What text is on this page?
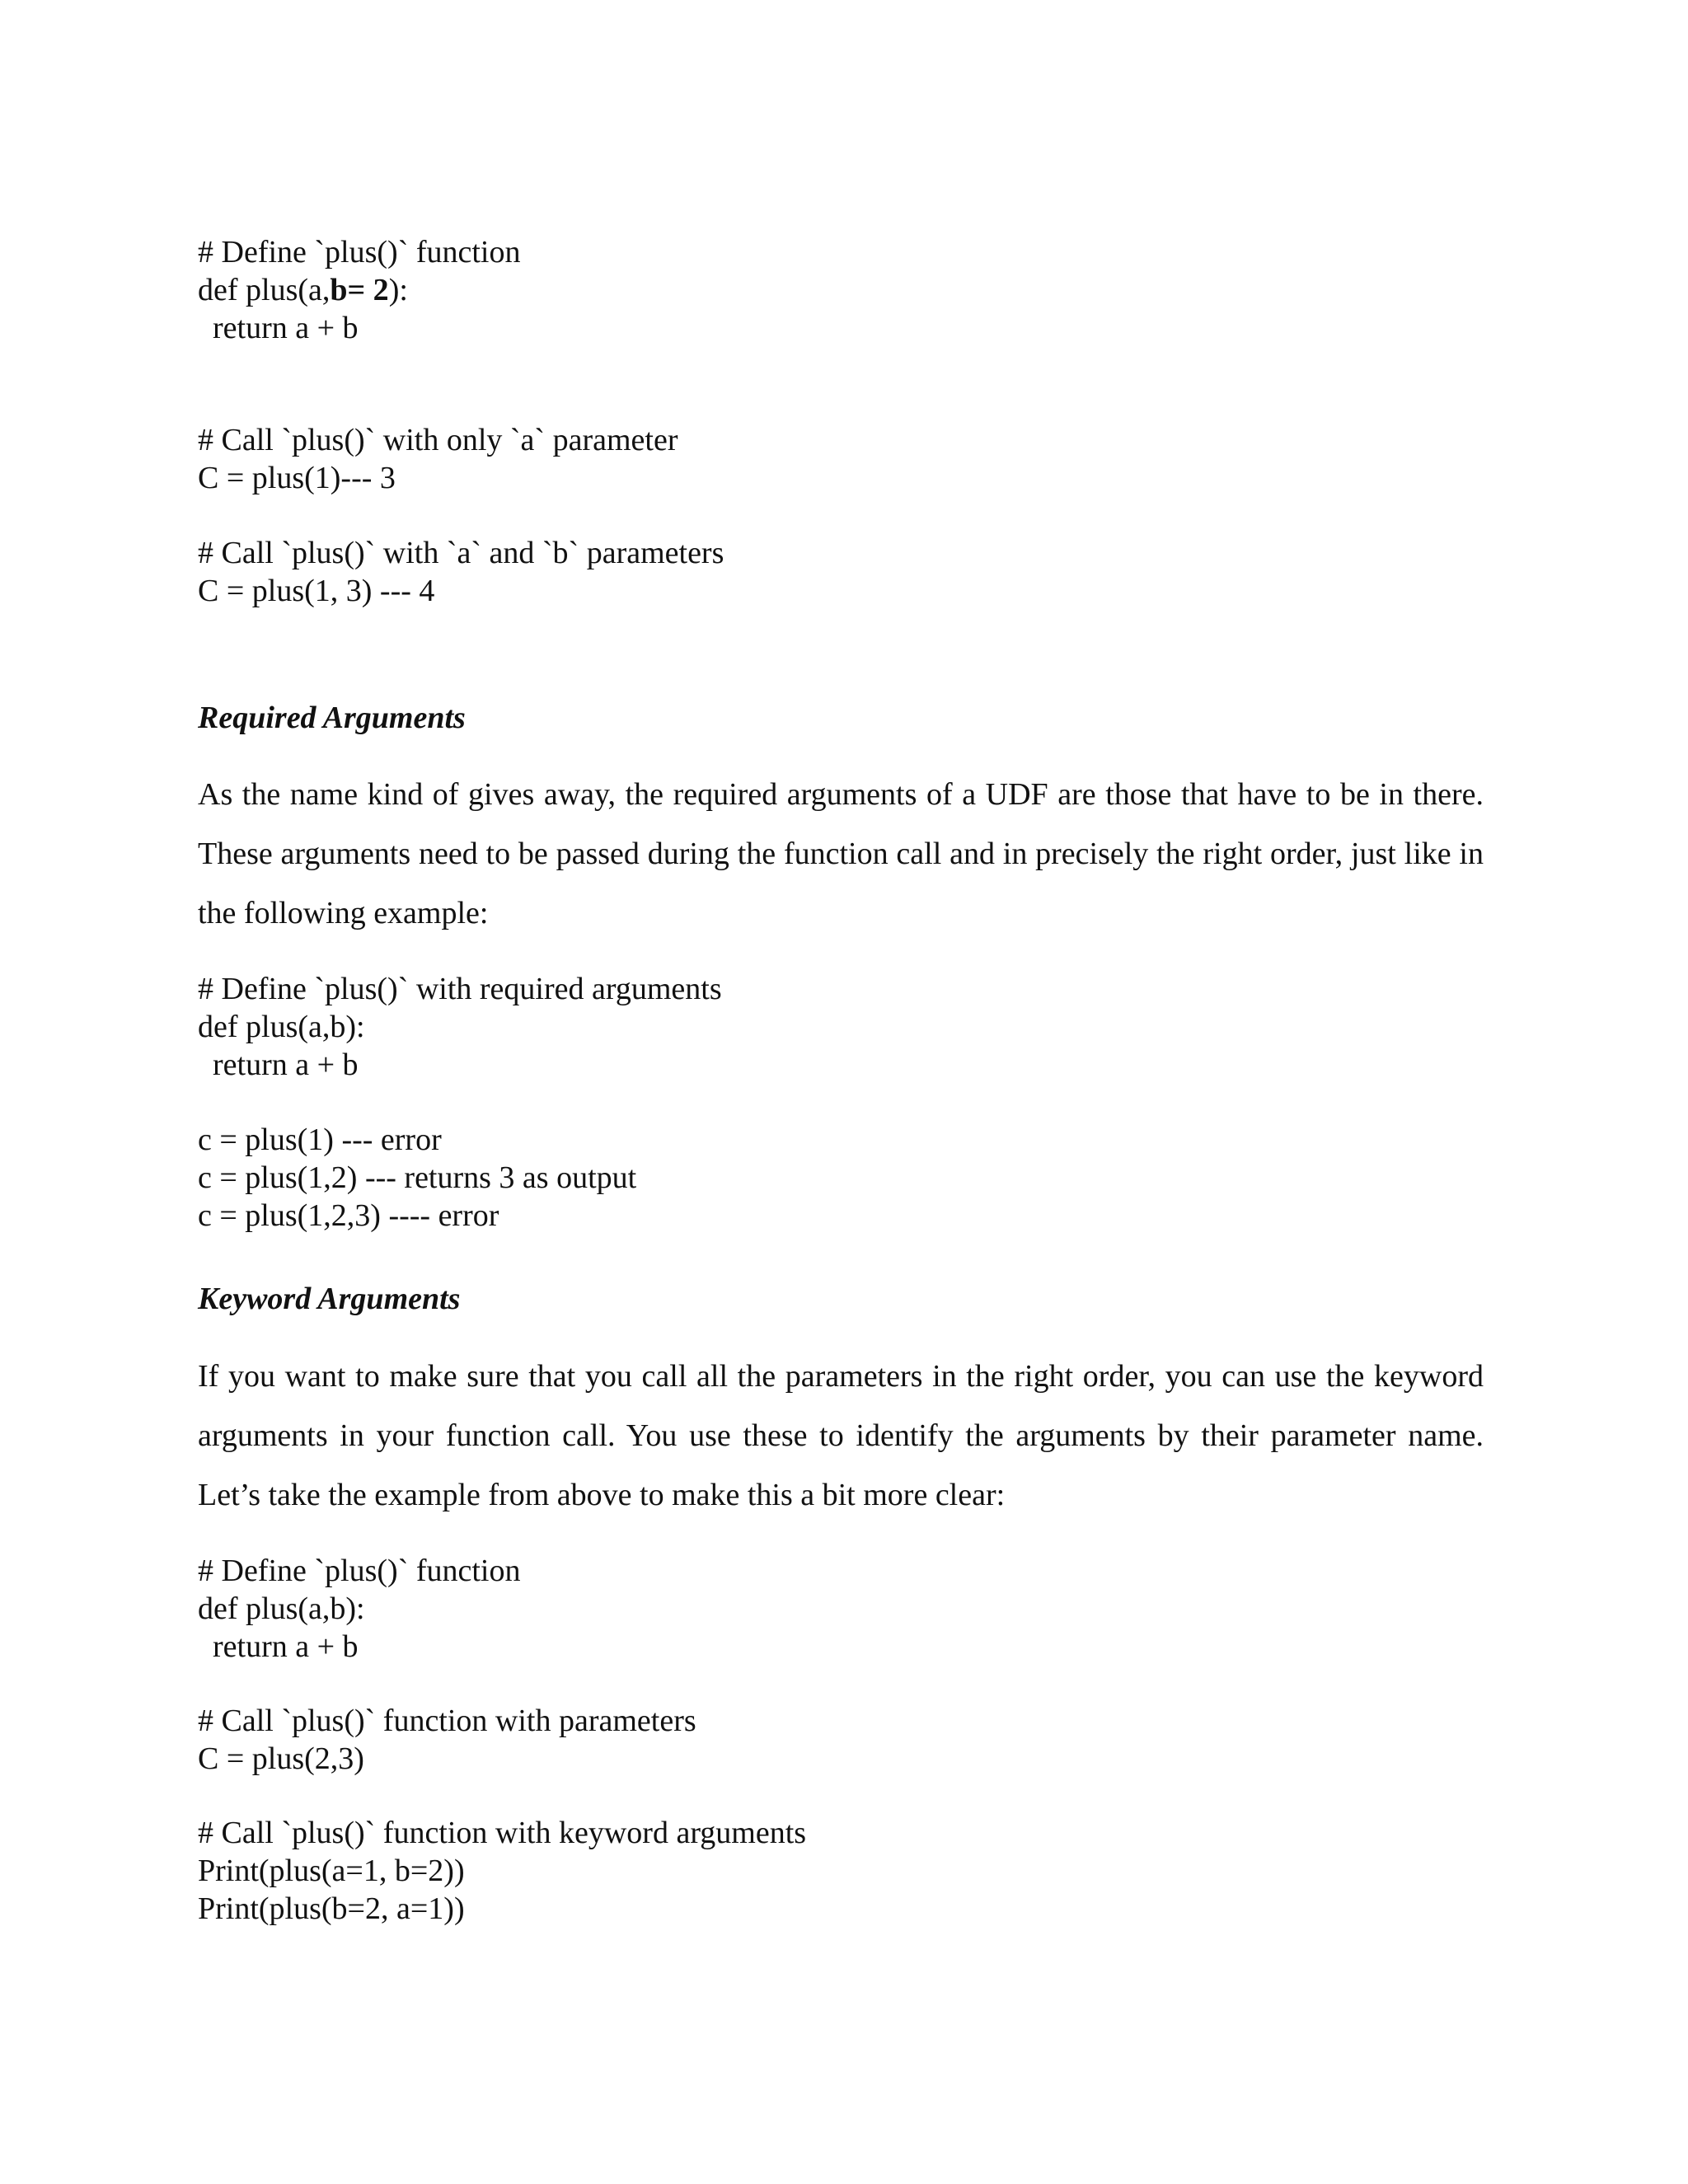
# Define `plus()` function

def plus(a,b= 2):

return a + b

# Call `plus()` with only `a` parameter

C = plus(1)--- 3

# Call `plus()` with `a` and `b` parameters

C = plus(1, 3) --- 4

Required Arguments

As the name kind of gives away, the required arguments of a UDF are those that have to be in there. These arguments need to be passed during the function call and in precisely the right order, just like in the following example:

# Define `plus()` with required arguments

def plus(a,b):

return a + b

c = plus(1) --- error

c = plus(1,2) --- returns 3 as output

c = plus(1,2,3) ---- error

Keyword Arguments

If you want to make sure that you call all the parameters in the right order, you can use the keyword arguments in your function call. You use these to identify the arguments by their parameter name. Let’s take the example from above to make this a bit more clear:

# Define `plus()` function

def plus(a,b):

return a + b

# Call `plus()` function with parameters

C = plus(2,3)

# Call `plus()` function with keyword arguments

Print(plus(a=1, b=2))

Print(plus(b=2, a=1))
